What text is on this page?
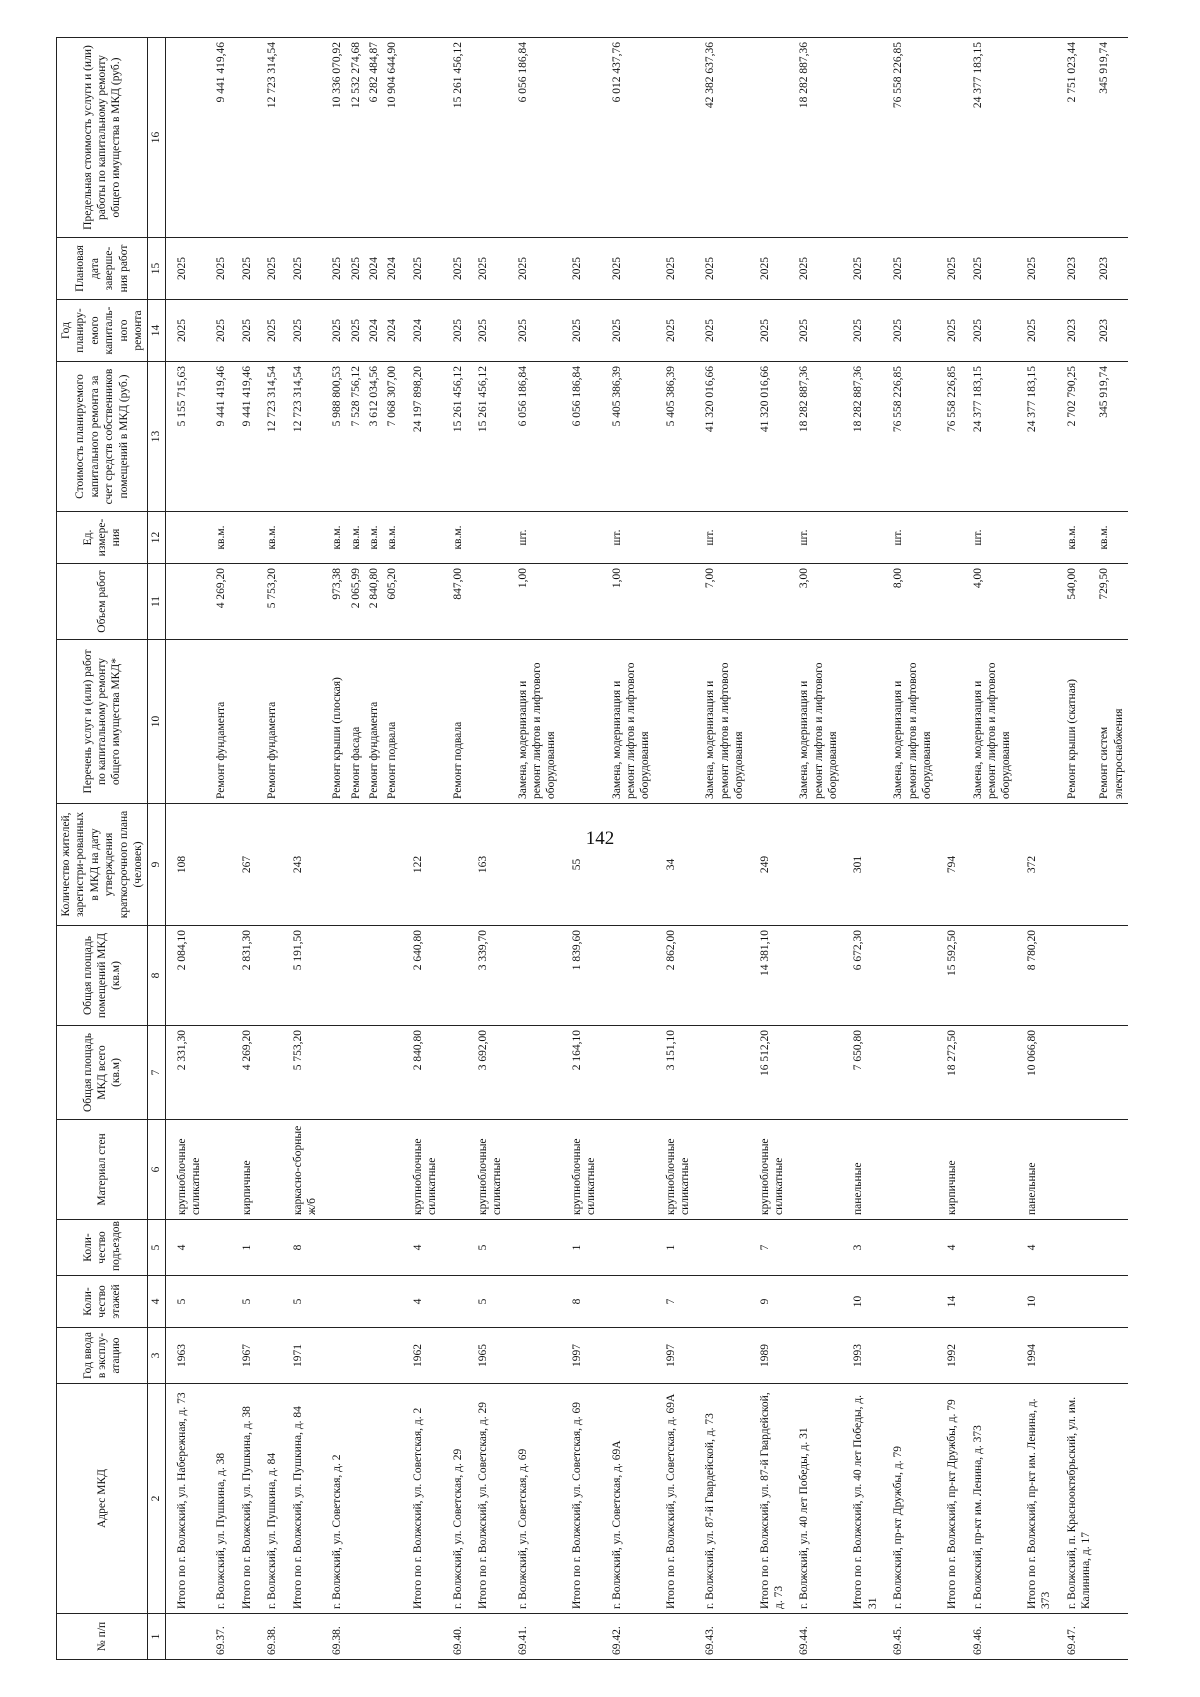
142
№ п/п	Адрес МКД	Год ввода в эксплу-атацию	Коли-чество этажей	Коли-чество подъездов	Материал стен	Общая площадь МКД всего (кв.м)	Общая площадь помещений МКД (кв.м)	Количество жителей, зарегистри-рованных в МКД на дату утверждения краткосрочного плана (человек)	Перечень услуг и (или) работ по капитальному ремонту общего имущества МКД*	Объем работ	Ед. измере-ния	Стоимость планируемого капитального ремонта за счет средств собственников помещений в МКД (руб.)	Год планиру-емого капиталь-ного ремонта	Плановая дата заверше-ния работ	Предельная стоимость услуги и (или) работы по капитальному ремонту общего имущества в МКД (руб.)
1	2	3	4	5	6	7	8	9	10	11	12	13	14	15	16
	Итого по г. Волжский, ул. Набережная, д. 73	1963	5	4	крупноблочные силикатные	2 331,30	2 084,10	108				5 155 715,63	2025	2025	
69.37.	г. Волжский, ул. Пушкина, д. 38								Ремонт фундамента	4 269,20	кв.м.	9 441 419,46	2025	2025	9 441 419,46
	Итого по г. Волжский, ул. Пушкина, д. 38	1967	5	1	кирпичные	4 269,20	2 831,30	267				9 441 419,46	2025	2025	
69.38.	г. Волжский, ул. Пушкина, д. 84								Ремонт фундамента	5 753,20	кв.м.	12 723 314,54	2025	2025	12 723 314,54
	Итого по г. Волжский, ул. Пушкина, д. 84	1971	5	8	каркасно-сборные ж/б	5 753,20	5 191,50	243				12 723 314,54	2025	2025	
69.38.	г. Волжский, ул. Советская, д. 2								Ремонт крыши (плоская)	973,38	кв.м.	5 988 800,53	2025	2025	10 336 070,92
									Ремонт фасада	2 065,99	кв.м.	7 528 756,12	2025	2025	12 532 274,68
									Ремонт фундамента	2 840,80	кв.м.	3 612 034,56	2024	2024	6 282 484,87
									Ремонт подвала	605,20	кв.м.	7 068 307,00	2024	2024	10 904 644,90
	Итого по г. Волжский, ул. Советская, д. 2	1962	4	4	крупноблочные силикатные	2 840,80	2 640,80	122				24 197 898,20	2024	2025	
69.40.	г. Волжский, ул. Советская, д. 29								Ремонт подвала	847,00	кв.м.	15 261 456,12	2025	2025	15 261 456,12
	Итого по г. Волжский, ул. Советская, д. 29	1965	5	5	крупноблочные силикатные	3 692,00	3 339,70	163				15 261 456,12	2025	2025	
69.41.	г. Волжский, ул. Советская, д. 69								Замена, модернизация и ремонт лифтов и лифтового оборудования	1,00	шт.	6 056 186,84	2025	2025	6 056 186,84
	Итого по г. Волжский, ул. Советская, д. 69	1997	8	1	крупноблочные силикатные	2 164,10	1 839,60	55				6 056 186,84	2025	2025	
69.42.	г. Волжский, ул. Советская, д. 69А								Замена, модернизация и ремонт лифтов и лифтового оборудования	1,00	шт.	5 405 386,39	2025	2025	6 012 437,76
	Итого по г. Волжский, ул. Советская, д. 69А	1997	7	1	крупноблочные силикатные	3 151,10	2 862,00	34				5 405 386,39	2025	2025	
69.43.	г. Волжский, ул. 87-й Гвардейской, д. 73								Замена, модернизация и ремонт лифтов и лифтового оборудования	7,00	шт.	41 320 016,66	2025	2025	42 382 637,36
	Итого по г. Волжский, ул. 87-й Гвардейской, д. 73	1989	9	7	крупноблочные силикатные	16 512,20	14 381,10	249				41 320 016,66	2025	2025	
69.44.	г. Волжский, ул. 40 лет Победы, д. 31								Замена, модернизация и ремонт лифтов и лифтового оборудования	3,00	шт.	18 282 887,36	2025	2025	18 282 887,36
	Итого по г. Волжский, ул. 40 лет Победы, д. 31	1993	10	3	панельные	7 650,80	6 672,30	301				18 282 887,36	2025	2025	
69.45.	г. Волжский, пр-кт Дружбы, д. 79								Замена, модернизация и ремонт лифтов и лифтового оборудования	8,00	шт.	76 558 226,85	2025	2025	76 558 226,85
	Итого по г. Волжский, пр-кт Дружбы, д. 79	1992	14	4	кирпичные	18 272,50	15 592,50	794				76 558 226,85	2025	2025	
69.46.	г. Волжский, пр-кт им. Ленина, д. 373								Замена, модернизация и ремонт лифтов и лифтового оборудования	4,00	шт.	24 377 183,15	2025	2025	24 377 183,15
	Итого по г. Волжский, пр-кт им. Ленина, д. 373	1994	10	4	панельные	10 066,80	8 780,20	372				24 377 183,15	2025	2025	
69.47.	г. Волжский, п. Краснооктябрьский, ул. им. Калинина, д. 17								Ремонт крыши (скатная)	540,00	кв.м.	2 702 790,25	2023	2023	2 751 023,44
									Ремонт систем электроснабжения	729,50	кв.м.	345 919,74	2023	2023	345 919,74
